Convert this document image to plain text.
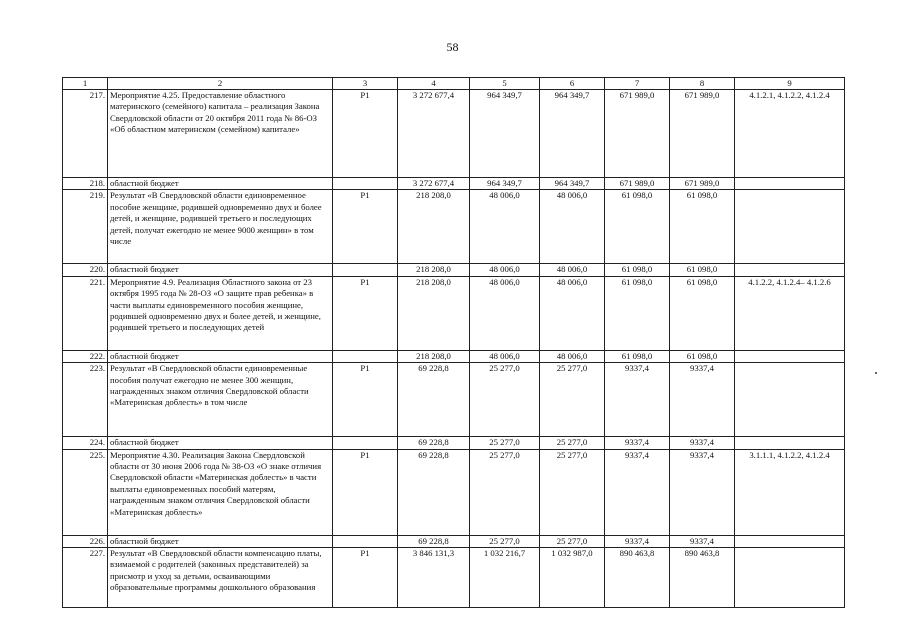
58
1	2	3	4	5	6	7	8	9
217.	Мероприятие 4.25. Предоставление областного материнского (семейного) капитала – реализация Закона Свердловской области от 20 октября 2011 года № 86-ОЗ «Об областном материнском (семейном) капитале»	Р1	3 272 677,4	964 349,7	964 349,7	671 989,0	671 989,0	4.1.2.1, 4.1.2.2, 4.1.2.4
218.	областной бюджет		3 272 677,4	964 349,7	964 349,7	671 989,0	671 989,0	
219.	Результат «В Свердловской области единовременное пособие женщине, родившей одновременно двух и более детей, и женщине, родившей третьего и последующих детей, получат ежегодно не менее 9000 женщин» в том числе	Р1	218 208,0	48 006,0	48 006,0	61 098,0	61 098,0	
220.	областной бюджет		218 208,0	48 006,0	48 006,0	61 098,0	61 098,0	
221.	Мероприятие 4.9. Реализация Областного закона от 23 октября 1995 года № 28-ОЗ «О защите прав ребенка» в части выплаты единовременного пособия женщине, родившей одновременно двух и более детей, и женщине, родившей третьего и последующих детей	Р1	218 208,0	48 006,0	48 006,0	61 098,0	61 098,0	4.1.2.2, 4.1.2.4– 4.1.2.6
222.	областной бюджет		218 208,0	48 006,0	48 006,0	61 098,0	61 098,0	
223.	Результат «В Свердловской области единовременные пособия получат ежегодно не менее 300 женщин, награжденных знаком отличия Свердловской области «Материнская доблесть» в том числе	Р1	69 228,8	25 277,0	25 277,0	9337,4	9337,4	
224.	областной бюджет		69 228,8	25 277,0	25 277,0	9337,4	9337,4	
225.	Мероприятие 4.30. Реализация Закона Свердловской области от 30 июня 2006 года № 38-ОЗ «О знаке отличия Свердловской области «Материнская доблесть» в части выплаты единовременных пособий матерям, награжденным знаком отличия Свердловской области «Материнская доблесть»	Р1	69 228,8	25 277,0	25 277,0	9337,4	9337,4	3.1.1.1, 4.1.2.2, 4.1.2.4
226.	областной бюджет		69 228,8	25 277,0	25 277,0	9337,4	9337,4	
227.	Результат «В Свердловской области компенсацию платы, взимаемой с родителей (законных представителей) за присмотр и уход за детьми, осваивающими образовательные программы дошкольного образования	Р1	3 846 131,3	1 032 216,7	1 032 987,0	890 463,8	890 463,8	
